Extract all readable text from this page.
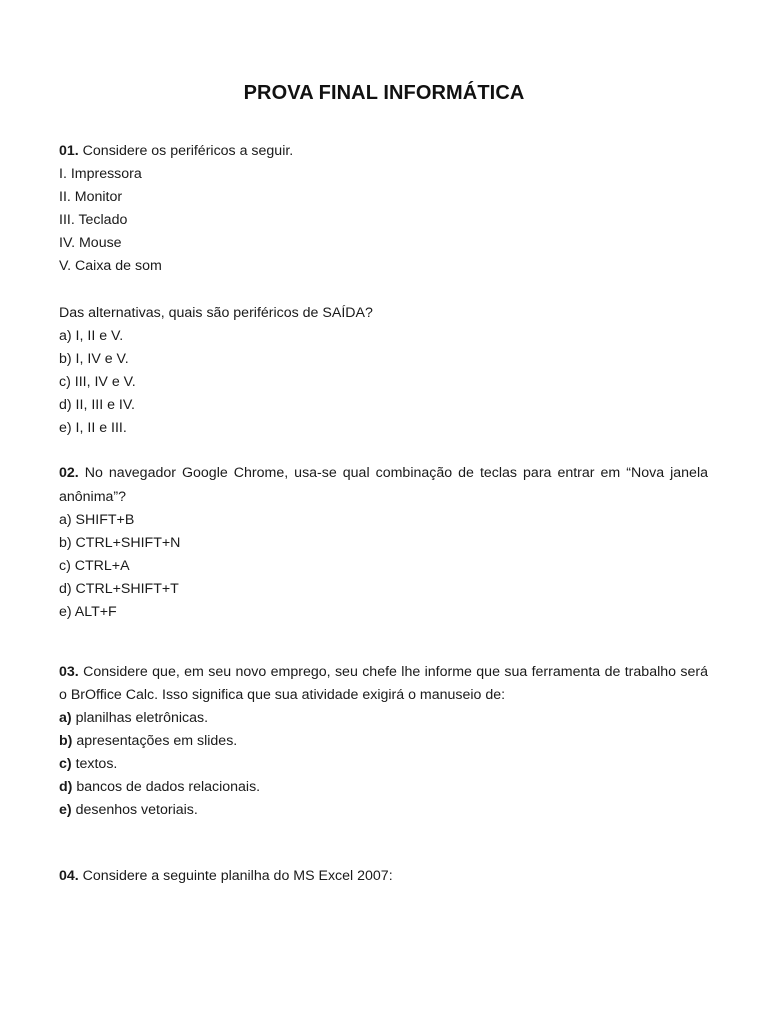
PROVA FINAL INFORMÁTICA
01. Considere os periféricos a seguir.
I. Impressora
II. Monitor
III. Teclado
IV. Mouse
V. Caixa de som
Das alternativas, quais são periféricos de SAÍDA?
a) I, II e V.
b) I, IV e V.
c) III, IV e V.
d) II, III e IV.
e) I, II e III.
02. No navegador Google Chrome, usa-se qual combinação de teclas para entrar em “Nova janela
anônima”?
a) SHIFT+B
b) CTRL+SHIFT+N
c) CTRL+A
d) CTRL+SHIFT+T
e) ALT+F
03. Considere que, em seu novo emprego, seu chefe lhe informe que sua ferramenta de trabalho será
o BrOffice Calc. Isso significa que sua atividade exigirá o manuseio de:
a) planilhas eletrônicas.
b) apresentações em slides.
c) textos.
d) bancos de dados relacionais.
e) desenhos vetoriais.
04. Considere a seguinte planilha do MS Excel 2007:
